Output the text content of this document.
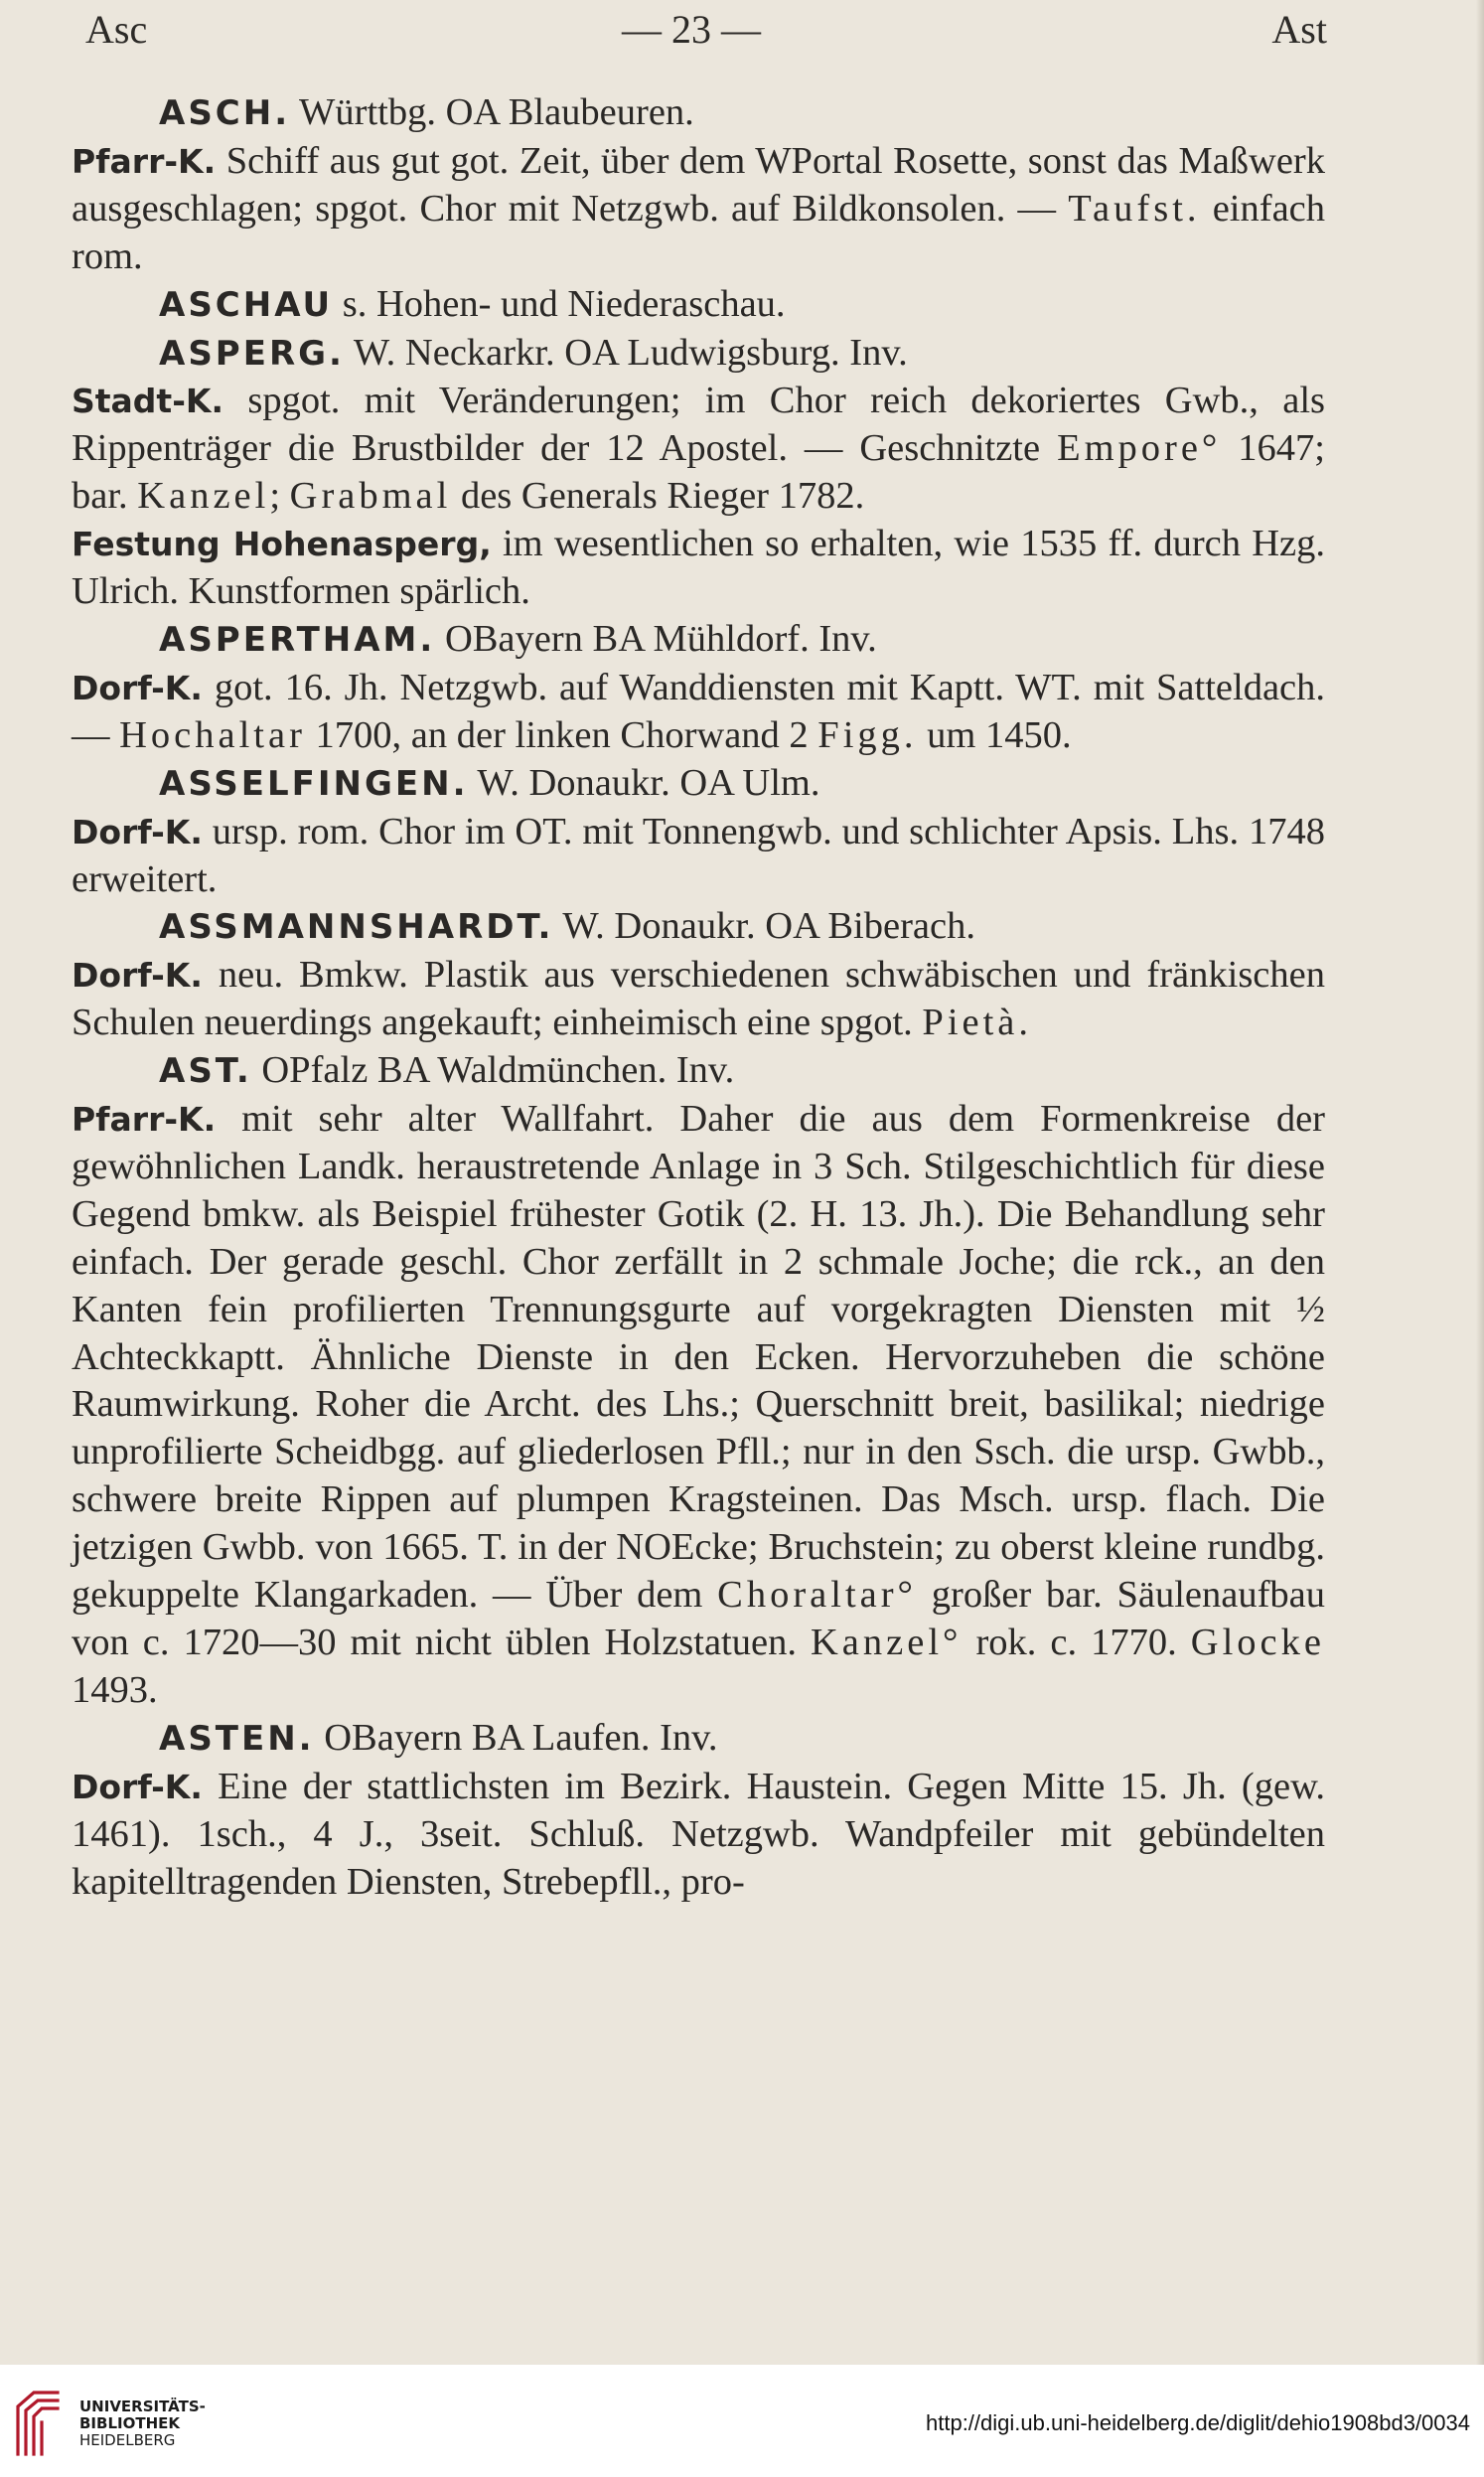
Asc	— 23 —	Ast

ASCH. Württbg. OA Blaubeuren.

Pfarr-K. Schiff aus gut got. Zeit, über dem WPortal Rosette, sonst das Maßwerk ausgeschlagen; spgot. Chor mit Netzgwb. auf Bildkonsolen. — Taufst. einfach rom.

ASCHAU s. Hohen- und Niederaschau.

ASPERG. W. Neckarkr. OA Ludwigsburg. Inv.

Stadt-K. spgot. mit Veränderungen; im Chor reich dekoriertes Gwb., als Rippenträger die Brustbilder der 12 Apostel. — Geschnitzte Empore° 1647; bar. Kanzel; Grabmal des Generals Rieger 1782.

Festung Hohenasperg, im wesentlichen so erhalten, wie 1535 ff. durch Hzg. Ulrich. Kunstformen spärlich.

ASPERTHAM. OBayern BA Mühldorf. Inv.

Dorf-K. got. 16. Jh. Netzgwb. auf Wanddiensten mit Kaptt. WT. mit Satteldach. — Hochaltar 1700, an der linken Chorwand 2 Figg. um 1450.

ASSELFINGEN. W. Donaukr. OA Ulm.

Dorf-K. ursp. rom. Chor im OT. mit Tonnengwb. und schlichter Apsis. Lhs. 1748 erweitert.

ASSMANNSHARDT. W. Donaukr. OA Biberach.

Dorf-K. neu. Bmkw. Plastik aus verschiedenen schwäbischen und fränkischen Schulen neuerdings angekauft; einheimisch eine spgot. Pietà.

AST. OPfalz BA Waldmünchen. Inv.

Pfarr-K. mit sehr alter Wallfahrt. Daher die aus dem Formenkreise der gewöhnlichen Landk. heraustretende Anlage in 3 Sch. Stilgeschichtlich für diese Gegend bmkw. als Beispiel frühester Gotik (2. H. 13. Jh.). Die Behandlung sehr einfach. Der gerade geschl. Chor zerfällt in 2 schmale Joche; die rck., an den Kanten fein profilierten Trennungsgurte auf vorgekragten Diensten mit ½ Achteckkaptt. Ähnliche Dienste in den Ecken. Hervorzuheben die schöne Raumwirkung. Roher die Archt. des Lhs.; Querschnitt breit, basilikal; niedrige unprofilierte Scheidbgg. auf gliederlosen Pfll.; nur in den Ssch. die ursp. Gwbb., schwere breite Rippen auf plumpen Kragsteinen. Das Msch. ursp. flach. Die jetzigen Gwbb. von 1665. T. in der NOEcke; Bruchstein; zu oberst kleine rundbg. gekuppelte Klangarkaden. — Über dem Choraltar° großer bar. Säulenaufbau von c. 1720—30 mit nicht üblen Holzstatuen. Kanzel° rok. c. 1770. Glocke 1493.

ASTEN. OBayern BA Laufen. Inv.

Dorf-K. Eine der stattlichsten im Bezirk. Haustein. Gegen Mitte 15. Jh. (gew. 1461). 1sch., 4 J., 3seit. Schluß. Netzgwb. Wandpfeiler mit gebündelten kapitelltragenden Diensten, Strebepfll., pro-

UNIVERSITÄTS-
BIBLIOTHEK
HEIDELBERG
http://digi.ub.uni-heidelberg.de/diglit/dehio1908bd3/0034
